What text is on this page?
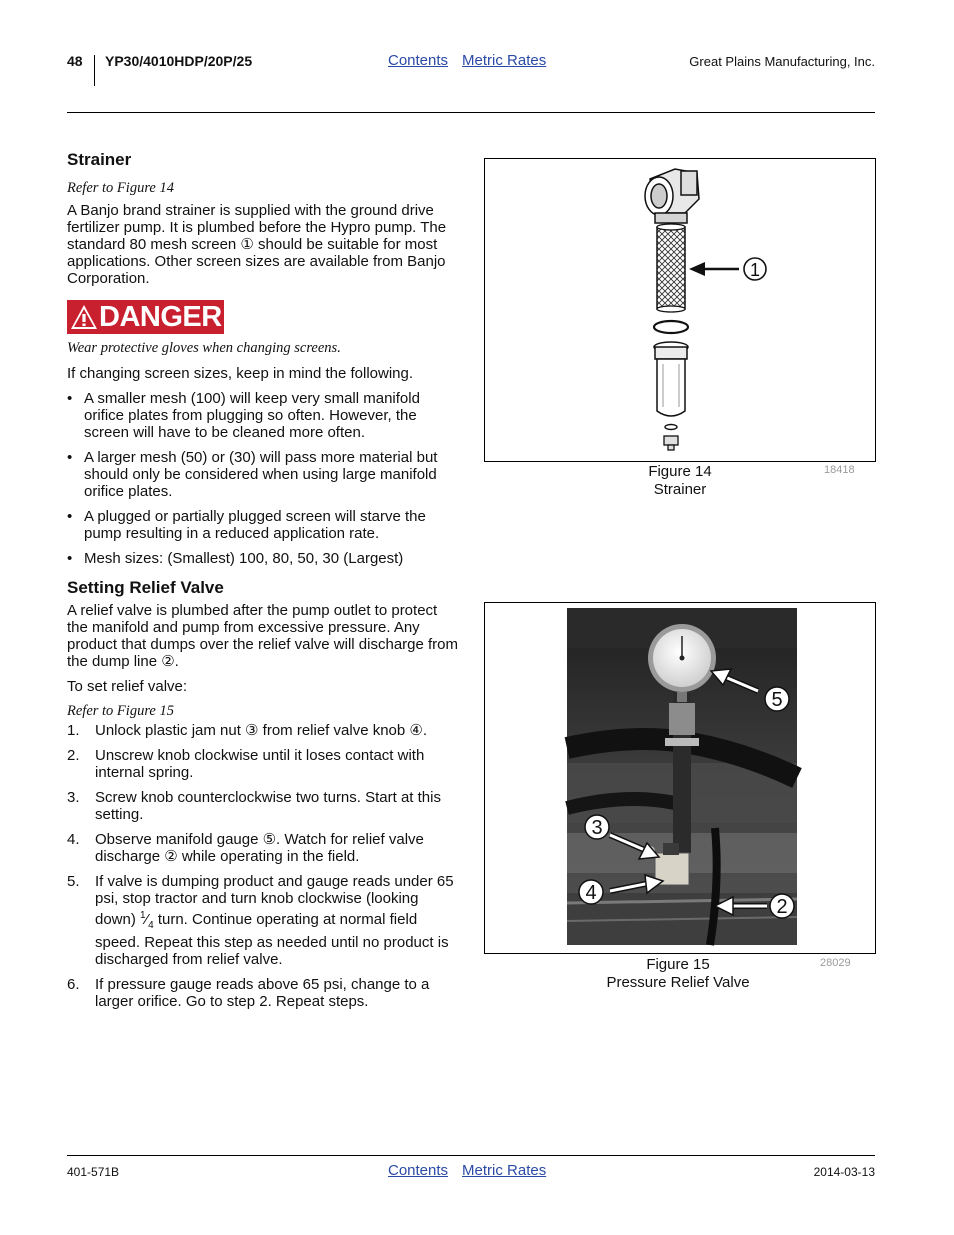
48 YP30/4010HDP/20P/25	Contents Metric Rates	Great Plains Manufacturing, Inc.
Strainer
Refer to Figure 14

A Banjo brand strainer is supplied with the ground drive fertilizer pump. It is plumbed before the Hypro pump. The standard 80 mesh screen ① should be suitable for most applications. Other screen sizes are available from Banjo Corporation.

DANGER
Wear protective gloves when changing screens.

If changing screen sizes, keep in mind the following.

• A smaller mesh (100) will keep very small manifold orifice plates from plugging so often. However, the screen will have to be cleaned more often.
• A larger mesh (50) or (30) will pass more material but should only be considered when using large manifold orifice plates.
• A plugged or partially plugged screen will starve the pump resulting in a reduced application rate.
• Mesh sizes: (Smallest) 100, 80, 50, 30 (Largest)
Setting Relief Valve

A relief valve is plumbed after the pump outlet to protect the manifold and pump from excessive pressure. Any product that dumps over the relief valve will discharge from the dump line ②.

To set relief valve:

Refer to Figure 15
1. Unlock plastic jam nut ③ from relief valve knob ④.
2. Unscrew knob clockwise until it loses contact with internal spring.
3. Screw knob counterclockwise two turns. Start at this setting.
4. Observe manifold gauge ⑤. Watch for relief valve discharge ② while operating in the field.
5. If valve is dumping product and gauge reads under 65 psi, stop tractor and turn knob clockwise (looking down) $^1⁄_4$ turn. Continue operating at normal field speed. Repeat this step as needed until no product is discharged from relief valve.
6. If pressure gauge reads above 65 psi, change to a larger orifice. Go to step 2. Repeat steps.
1
Figure 14
Strainer
18418
5
3
4
2
Figure 15
Pressure Relief Valve
28029
401-571B	Contents Metric Rates	2014-03-13
